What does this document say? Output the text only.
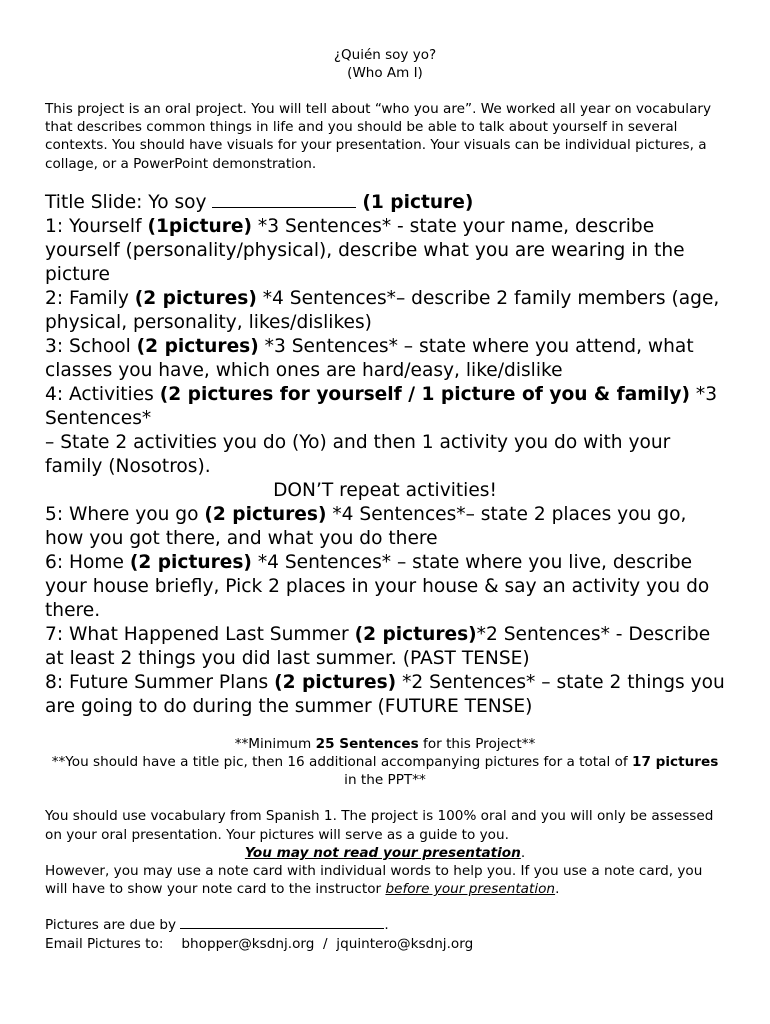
¿Quién soy yo?
(Who Am I)
This project is an oral project. You will tell about “who you are”. We worked all year on vocabulary that describes common things in life and you should be able to talk about yourself in several contexts. You should have visuals for your presentation. Your visuals can be individual pictures, a collage, or a PowerPoint demonstration.
Title Slide: Yo soy	(1 picture)
1: Yourself (1picture) *3 Sentences* - state your name, describe yourself (personality/physical), describe what you are wearing in the picture
2: Family (2 pictures) *4 Sentences*– describe 2 family members (age, physical, personality, likes/dislikes)
3: School (2 pictures) *3 Sentences* – state where you attend, what classes you have, which ones are hard/easy, like/dislike
4: Activities (2 pictures for yourself / 1 picture of you & family) *3 Sentences*
– State 2 activities you do (Yo) and then 1 activity you do with your family (Nosotros).
DON’T repeat activities!
5: Where you go (2 pictures) *4 Sentences*– state 2 places you go, how you got there, and what you do there
6: Home (2 pictures) *4 Sentences* – state where you live, describe your house briefly, Pick 2 places in your house & say an activity you do there.
7: What Happened Last Summer (2 pictures)*2 Sentences* - Describe at least 2 things you did last summer. (PAST TENSE)
8: Future Summer Plans (2 pictures) *2 Sentences* – state 2 things you are going to do during the summer (FUTURE TENSE)
**Minimum 25 Sentences for this Project**
**You should have a title pic, then 16 additional accompanying pictures for a total of 17 pictures in the PPT**
You should use vocabulary from Spanish 1. The project is 100% oral and you will only be assessed on your oral presentation. Your pictures will serve as a guide to you.
You may not read your presentation.
However, you may use a note card with individual words to help you. If you use a note card, you will have to show your note card to the instructor before your presentation.
Pictures are due by	.
Email Pictures to: bhopper@ksdnj.org / jquintero@ksdnj.org
